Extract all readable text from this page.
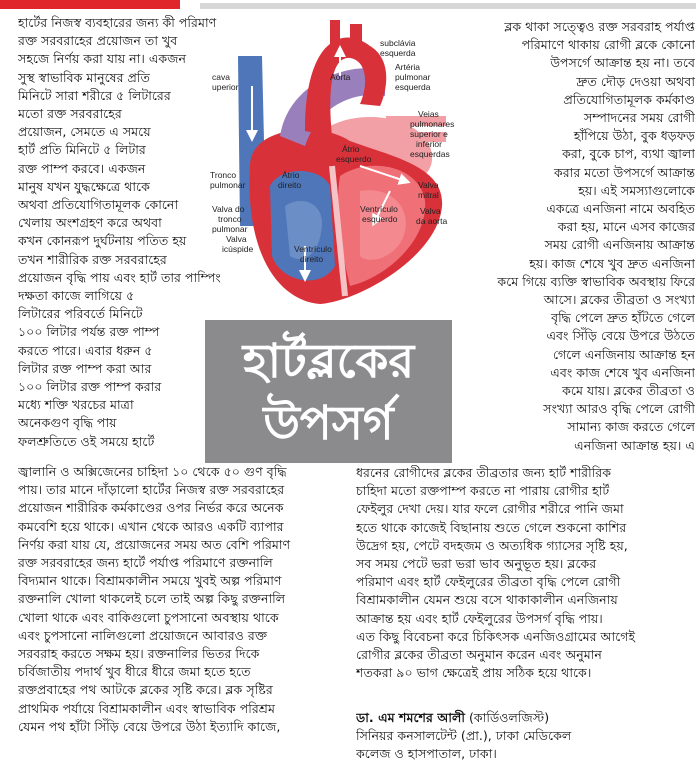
subclávia
esquerda
Aorta
Artéria
pulmonar
esquerda
cava
uperior
Veias
pulmonares
superior e
inferior
esquerdas
Átrio
esquerdo
Tronco
pulmonar
Átrio
direito	Valva
mitral
Valva do
tronco
pulmonar
Ventrículo
esquerdo
Valva
da aorta
Valva
icúspide	Ventrículo
direito
হার্টব্লকের
উপসর্গ
হার্টের নিজস্ব ব্যবহারের জন্য কী পরিমাণ
রক্ত সরবরাহের প্রয়োজন তা খুব
সহজে নির্ণয় করা যায় না। একজন
সুস্থ স্বাভাবিক মানুষের প্রতি
মিনিটে সারা শরীরে ৫ লিটারের
মতো রক্ত সরবরাহের
প্রয়োজন, সেমতে এ সময়ে
হার্ট প্রতি মিনিটে ৫ লিটার
রক্ত পাম্প করবে। একজন
মানুষ যখন যুদ্ধক্ষেত্রে থাকে
অথবা প্রতিযোগিতামূলক কোনো
খেলায় অংশগ্রহণ করে অথবা
কখন কোনরূপ দুর্ঘটনায় পতিত হয়
তখন শারীরিক রক্ত সরবরাহের
প্রয়োজন বৃদ্ধি পায় এবং হার্ট তার পাম্পিং
দক্ষতা কাজে লাগিয়ে ৫
লিটারের পরিবর্তে মিনিটে
১০০ লিটার পর্যন্ত রক্ত পাম্প
করতে পারে। এবার ধরুন ৫
লিটার রক্ত পাম্প করা আর
১০০ লিটার রক্ত পাম্প করার
মধ্যে শক্তি খরচের মাত্রা
অনেকগুণ বৃদ্ধি পায়
ফলশ্রুতিতে ওই সময়ে হার্টে
জ্বালানি ও অক্সিজেনের চাহিদা ১০ থেকে ৫০ গুণ বৃদ্ধি
পায়। তার মানে দাঁড়ালো হার্টের নিজস্ব রক্ত সরবরাহের
প্রয়োজন শারীরিক কর্মকাণ্ডের ওপর নির্ভর করে অনেক
কমবেশি হয়ে থাকে। এখান থেকে আরও একটি ব্যাপার
নির্ণয় করা যায় যে, প্রয়োজনের সময় অত বেশি পরিমাণ
রক্ত সরবরাহের জন্য হার্টে পর্যাপ্ত পরিমাণে রক্তনালি
বিদ্যমান থাকে। বিশ্রামকালীন সময়ে খুবই অল্প পরিমাণ
রক্তনালি খোলা থাকলেই চলে তাই অল্প কিছু রক্তনালি
খোলা থাকে এবং বাকিগুলো চুপসানো অবস্থায় থাকে
এবং চুপসানো নালিগুলো প্রয়োজনে আবারও রক্ত
সরবরাহ করতে সক্ষম হয়। রক্তনালির ভিতর দিকে
চর্বিজাতীয় পদার্থ খুব ধীরে ধীরে জমা হতে হতে
রক্তপ্রবাহের পথ আটকে ব্লকের সৃষ্টি করে। ব্লক সৃষ্টির
প্রাথমিক পর্যায়ে বিশ্রামকালীন এবং স্বাভাবিক পরিশ্রম
যেমন পথ হাঁটা সিঁড়ি বেয়ে উপরে উঠা ইত্যাদি কাজে,
ব্লক থাকা সত্ত্বেও রক্ত সরবরাহ পর্যাপ্ত
পরিমাণে থাকায় রোগী ব্লকে কোনো
উপসর্গে আক্রান্ত হয় না। তবে
দ্রুত দৌড় দেওয়া অথবা
প্রতিযোগিতামূলক কর্মকাণ্ড
সম্পাদনের সময় রোগী
হাঁপিয়ে উঠা, বুক ধড়ফড়
করা, বুকে চাপ, ব্যথা জ্বালা
করার মতো উপসর্গে আক্রান্ত
হয়। এই সমস্যাগুলোকে
একত্রে এনজিনা নামে অবহিত
করা হয়, মানে এসব কাজের
সময় রোগী এনজিনায় আক্রান্ত
হয়। কাজ শেষে খুব দ্রুত এনজিনা
কমে গিয়ে ব্যক্তি স্বাভাবিক অবস্থায় ফিরে
আসে। ব্লকের তীব্রতা ও সংখ্যা
বৃদ্ধি পেলে দ্রুত হাঁটতে গেলে
এবং সিঁড়ি বেয়ে উপরে উঠতে
গেলে এনজিনায় আক্রান্ত হন
এবং কাজ শেষে খুব এনজিনা
কমে যায়। ব্লকের তীব্রতা ও
সংখ্যা আরও বৃদ্ধি পেলে রোগী
সামান্য কাজ করতে গেলে
এনজিনা আক্রান্ত হয়। এ
ধরনের রোগীদের ব্লকের তীব্রতার জন্য হার্ট শারীরিক
চাহিদা মতো রক্তপাম্প করতে না পারায় রোগীর হার্ট
ফেইলুর দেখা দেয়। যার ফলে রোগীর শরীরে পানি জমা
হতে থাকে কাজেই বিছানায় শুতে গেলে শুকনো কাশির
উদ্রেগ হয়, পেটে বদহজম ও অত্যধিক গ্যাসের সৃষ্টি হয়,
সব সময় পেটে ভরা ভরা ভাব অনুভূত হয়। ব্লকের
পরিমাণ এবং হার্ট ফেইলুরের তীব্রতা বৃদ্ধি পেলে রোগী
বিশ্রামকালীন যেমন শুয়ে বসে থাকাকালীন এনজিনায়
আক্রান্ত হয় এবং হার্ট ফেইলুরের উপসর্গ বৃদ্ধি পায়।
এত কিছু বিবেচনা করে চিকিৎসক এনজিওগ্রামের আগেই
রোগীর ব্লকের তীব্রতা অনুমান করেন এবং অনুমান
শতকরা ৯০ ভাগ ক্ষেত্রেই প্রায় সঠিক হয়ে থাকে।
ডা. এম শমশের আলী (কার্ডিওলজিস্ট)
সিনিয়র কনসালটেন্ট (প্রা.), ঢাকা মেডিকেল
কলেজ ও হাসপাতাল, ঢাকা।
